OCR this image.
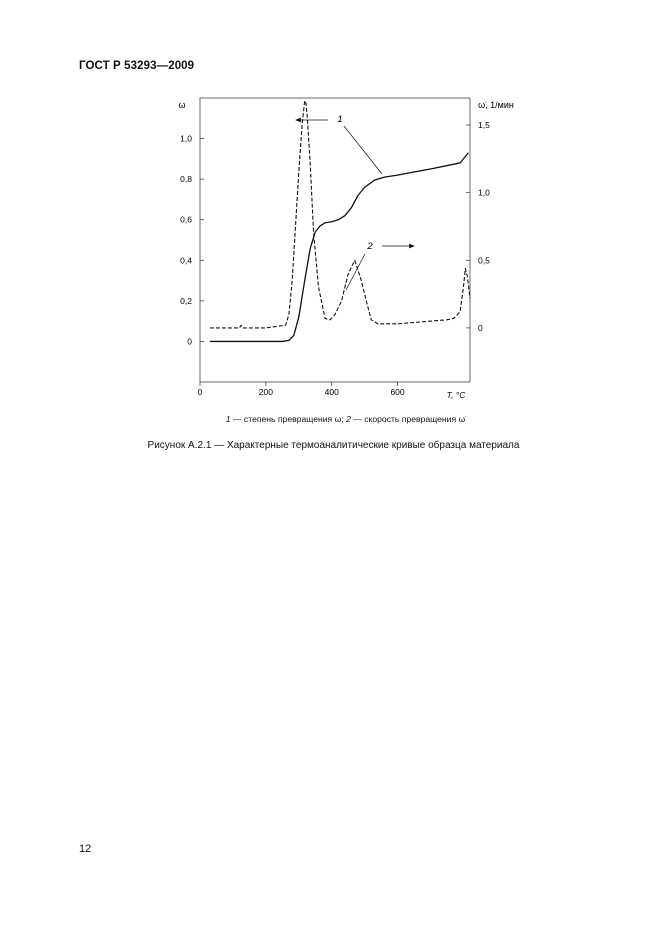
ГОСТ Р 53293—2009
0	200	400	600
0
0,2
0,4
0,6
0,8
1,0
0
0,5
1,0
1,5
1
2
ω	ω̇, 1/мин
T, °C
1 — степень превращения ω; 2 — скорость превращения ω̇
Рисунок А.2.1 — Характерные термоаналитические кривые образца материала
12
